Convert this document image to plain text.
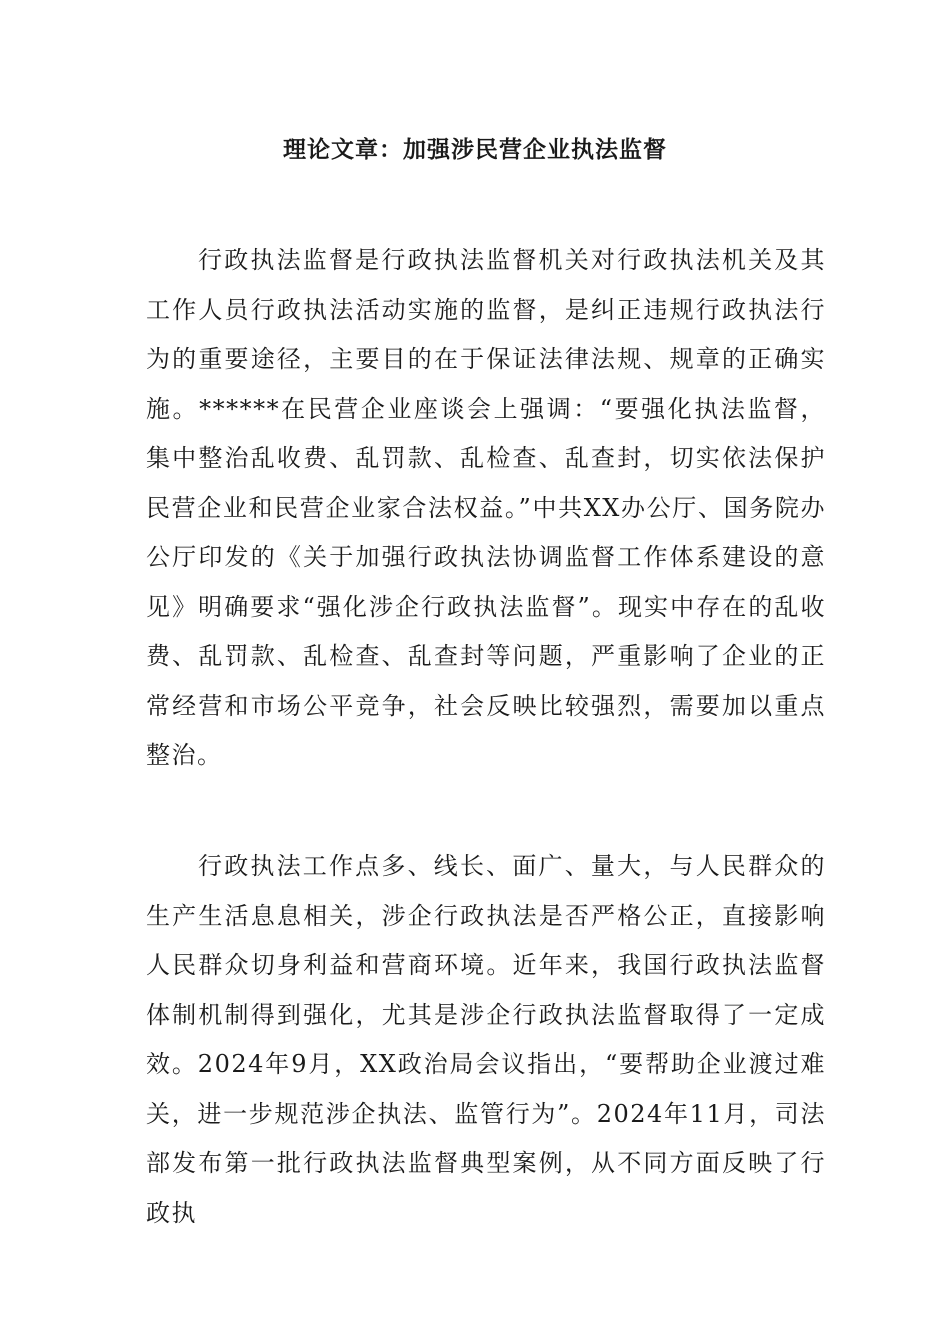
理论文章：加强涉民营企业执法监督

行政执法监督是行政执法监督机关对行政执法机关及其工作人员行政执法活动实施的监督，是纠正违规行政执法行为的重要途径，主要目的在于保证法律法规、规章的正确实施。******在民营企业座谈会上强调：“要强化执法监督，集中整治乱收费、乱罚款、乱检查、乱查封，切实依法保护民营企业和民营企业家合法权益。”中共XX办公厅、国务院办公厅印发的《关于加强行政执法协调监督工作体系建设的意见》明确要求“强化涉企行政执法监督”。现实中存在的乱收费、乱罚款、乱检查、乱查封等问题，严重影响了企业的正常经营和市场公平竞争，社会反映比较强烈，需要加以重点整治。

行政执法工作点多、线长、面广、量大，与人民群众的生产生活息息相关，涉企行政执法是否严格公正，直接影响人民群众切身利益和营商环境。近年来，我国行政执法监督体制机制得到强化，尤其是涉企行政执法监督取得了一定成效。2024年9月，XX政治局会议指出，“要帮助企业渡过难关，进一步规范涉企执法、监管行为”。2024年11月，司法部发布第一批行政执法监督典型案例，从不同方面反映了行政执
